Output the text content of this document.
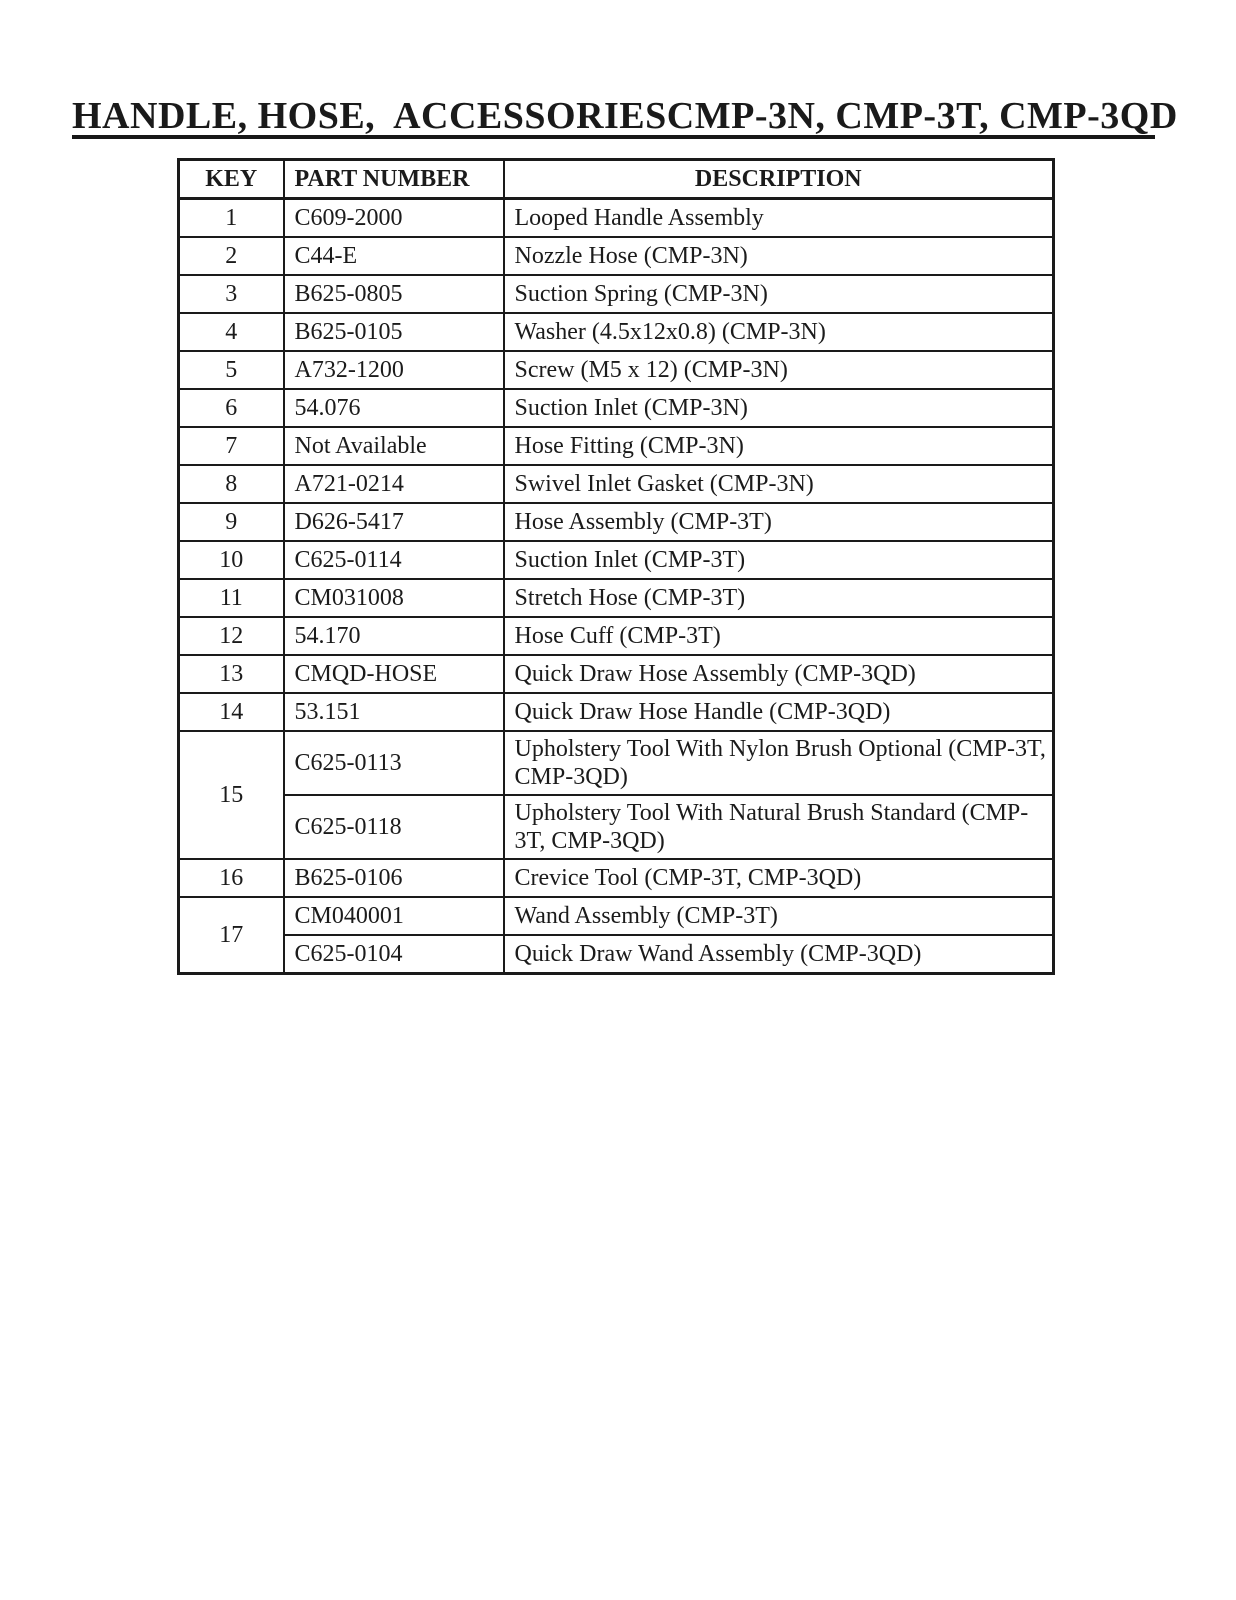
HANDLE, HOSE,  ACCESSORIES CMP-3N, CMP-3T, CMP-3QD
KEY	PART NUMBER	DESCRIPTION
1	C609-2000	Looped Handle Assembly
2	C44-E	Nozzle Hose (CMP-3N)
3	B625-0805	Suction Spring (CMP-3N)
4	B625-0105	Washer (4.5x12x0.8) (CMP-3N)
5	A732-1200	Screw (M5 x 12) (CMP-3N)
6	54.076	Suction Inlet (CMP-3N)
7	Not Available	Hose Fitting (CMP-3N)
8	A721-0214	Swivel Inlet Gasket (CMP-3N)
9	D626-5417	Hose Assembly (CMP-3T)
10	C625-0114	Suction Inlet (CMP-3T)
11	CM031008	Stretch Hose (CMP-3T)
12	54.170	Hose Cuff (CMP-3T)
13	CMQD-HOSE	Quick Draw Hose Assembly (CMP-3QD)
14	53.151	Quick Draw Hose Handle (CMP-3QD)
15	C625-0113	Upholstery Tool With Nylon Brush Optional (CMP-3T, CMP-3QD)
	C625-0118	Upholstery Tool With Natural Brush Standard (CMP-3T, CMP-3QD)
16	B625-0106	Crevice Tool (CMP-3T, CMP-3QD)
17	CM040001	Wand Assembly (CMP-3T)
	C625-0104	Quick Draw Wand Assembly (CMP-3QD)
